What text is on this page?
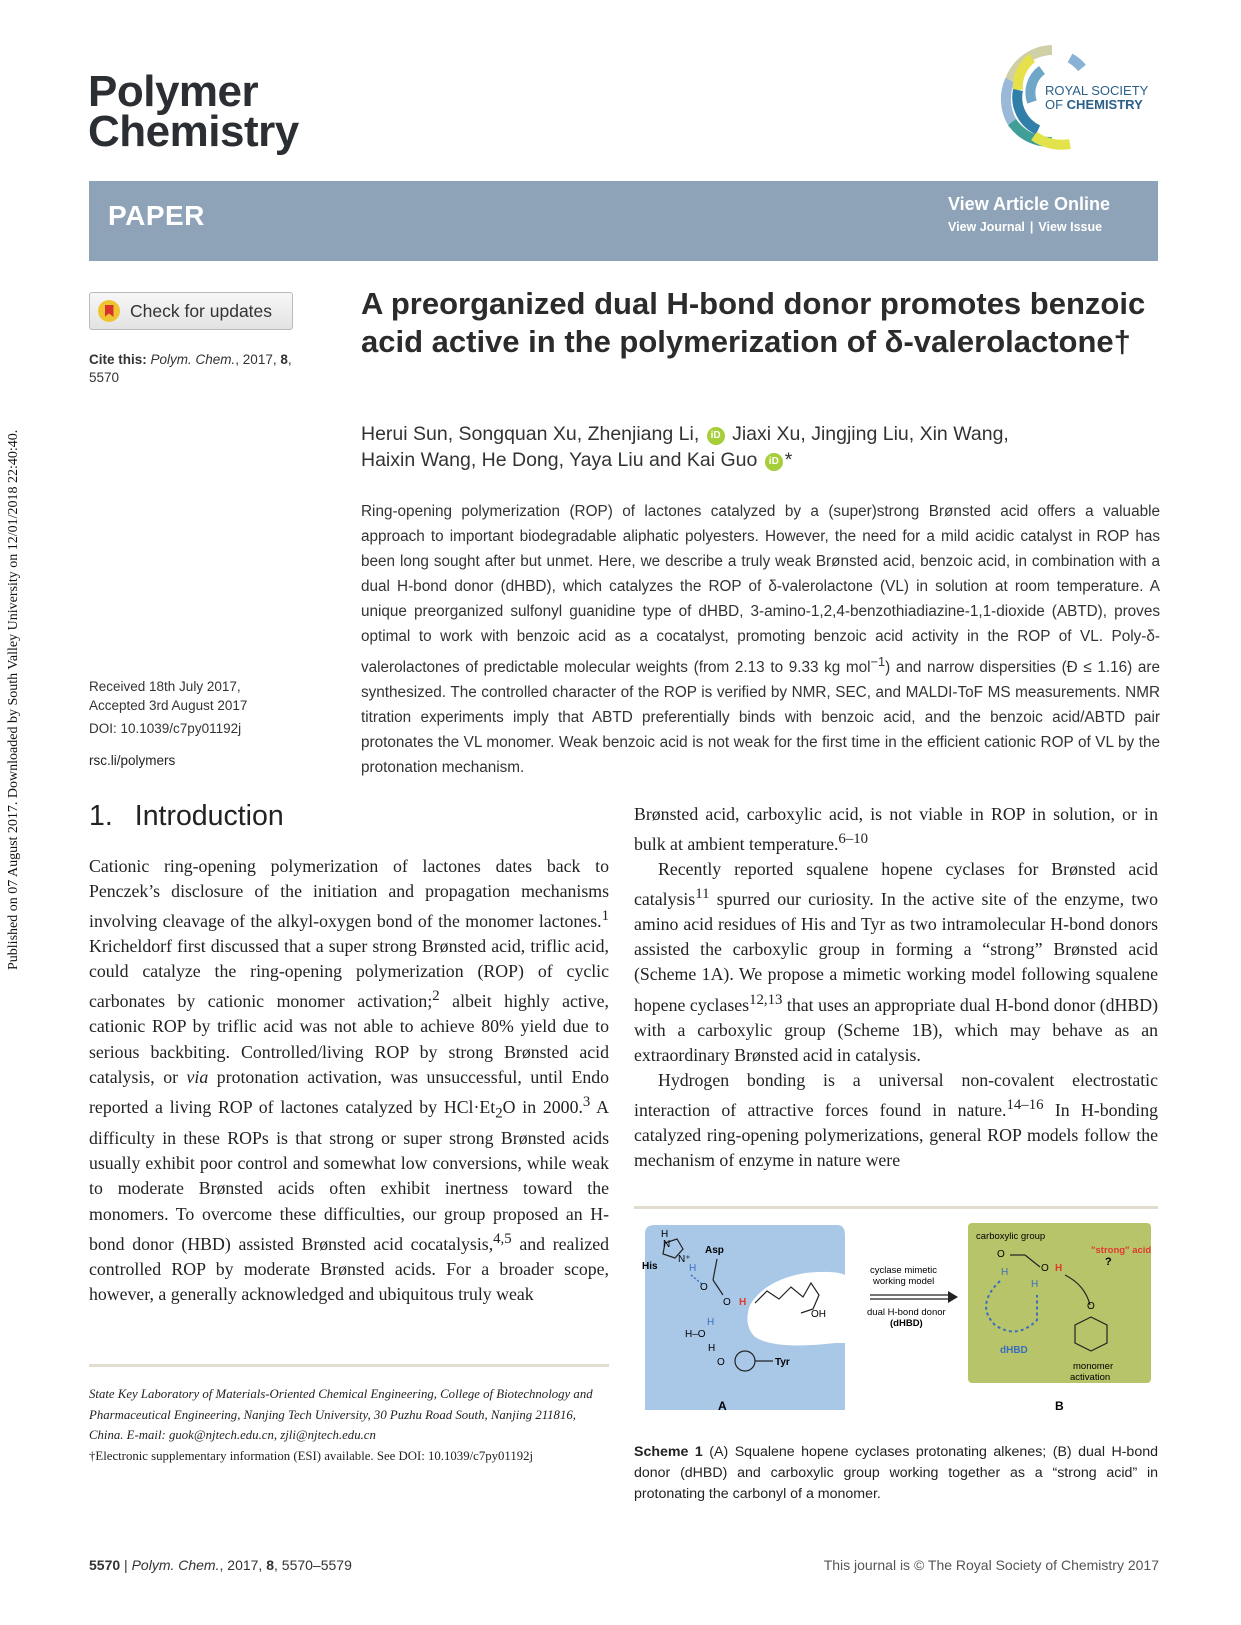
Published on 07 August 2017. Downloaded by South Valley University on 12/01/2018 22:40:40.
Polymer
Chemistry
ROYAL SOCIETY
OF CHEMISTRY
PAPER	View Article Online
View Journal | View Issue
Check for updates
Cite this: Polym. Chem., 2017, 8,
5570
A preorganized dual H-bond donor promotes benzoic acid active in the polymerization of δ-valerolactone†
Herui Sun, Songquan Xu, Zhenjiang Li, iD Jiaxi Xu, Jingjing Liu, Xin Wang,
Haixin Wang, He Dong, Yaya Liu and Kai Guo iD *
Received 18th July 2017,
Accepted 3rd August 2017
DOI: 10.1039/c7py01192j
rsc.li/polymers
Ring-opening polymerization (ROP) of lactones catalyzed by a (super)strong Brønsted acid offers a valuable approach to important biodegradable aliphatic polyesters. However, the need for a mild acidic catalyst in ROP has been long sought after but unmet. Here, we describe a truly weak Brønsted acid, benzoic acid, in combination with a dual H-bond donor (dHBD), which catalyzes the ROP of δ-valerolactone (VL) in solution at room temperature. A unique preorganized sulfonyl guanidine type of dHBD, 3-amino-1,2,4-benzothiadiazine-1,1-dioxide (ABTD), proves optimal to work with benzoic acid as a cocatalyst, promoting benzoic acid activity in the ROP of VL. Poly-δ-valerolactones of predictable molecular weights (from 2.13 to 9.33 kg mol$^{-1}$) and narrow dispersities (Đ ≤ 1.16) are synthesized. The controlled character of the ROP is verified by NMR, SEC, and MALDI-ToF MS measurements. NMR titration experiments imply that ABTD preferentially binds with benzoic acid, and the benzoic acid/ABTD pair protonates the VL monomer. Weak benzoic acid is not weak for the first time in the efficient cationic ROP of VL by the protonation mechanism.
1. Introduction

Cationic ring-opening polymerization of lactones dates back to Penczek’s disclosure of the initiation and propagation mechanisms involving cleavage of the alkyl-oxygen bond of the monomer lactones.$^1$ Kricheldorf first discussed that a super strong Brønsted acid, triflic acid, could catalyze the ring-opening polymerization (ROP) of cyclic carbonates by cationic monomer activation;$^2$ albeit highly active, cationic ROP by triflic acid was not able to achieve 80% yield due to serious backbiting. Controlled/living ROP by strong Brønsted acid catalysis, or via protonation activation, was unsuccessful, until Endo reported a living ROP of lactones catalyzed by $HCl\cdot Et_2O$ in 2000.$^3$ A difficulty in these ROPs is that strong or super strong Brønsted acids usually exhibit poor control and somewhat low conversions, while weak to moderate Brønsted acids often exhibit inertness toward the monomers. To overcome these difficulties, our group proposed an H-bond donor (HBD) assisted Brønsted acid cocatalysis,$^{4,5}$ and realized controlled ROP by moderate Brønsted acids. For a broader scope, however, a generally acknowledged and ubiquitous truly weak

Brønsted acid, carboxylic acid, is not viable in ROP in solution, or in bulk at ambient temperature.$^{6-10}$

Recently reported squalene hopene cyclases for Brønsted acid catalysis$^{11}$ spurred our curiosity. In the active site of the enzyme, two amino acid residues of His and Tyr as two intramolecular H-bond donors assisted the carboxylic group in forming a “strong” Brønsted acid (Scheme 1A). We propose a mimetic working model following squalene hopene cyclases$^{12,13}$ that uses an appropriate dual H-bond donor (dHBD) with a carboxylic group (Scheme 1B), which may behave as an extraordinary Brønsted acid in catalysis.

Hydrogen bonding is a universal non-covalent electrostatic interaction of attractive forces found in nature.$^{14-16}$ In H-bonding catalyzed ring-opening polymerizations, general ROP models follow the mechanism of enzyme in nature were

H
N
N⁺
His	H
Asp
O
O H
H
H–O
H
O	Tyr
OH
A
cyclase mimetic
working model
dual H-bond donor
(dHBD)
carboxylic group
"strong" acid
?
O
O H
H
H
dHBD
O
monomer
activation
B
Scheme 1 (A) Squalene hopene cyclases protonating alkenes; (B) dual H-bond donor (dHBD) and carboxylic group working together as a “strong acid” in protonating the carbonyl of a monomer.
State Key Laboratory of Materials-Oriented Chemical Engineering, College of Biotechnology and Pharmaceutical Engineering, Nanjing Tech University, 30 Puzhu Road South, Nanjing 211816, China. E-mail: guok@njtech.edu.cn, zjli@njtech.edu.cn
†Electronic supplementary information (ESI) available. See DOI: 10.1039/c7py01192j
5570 | Polym. Chem., 2017, 8, 5570–5579	This journal is © The Royal Society of Chemistry 2017
